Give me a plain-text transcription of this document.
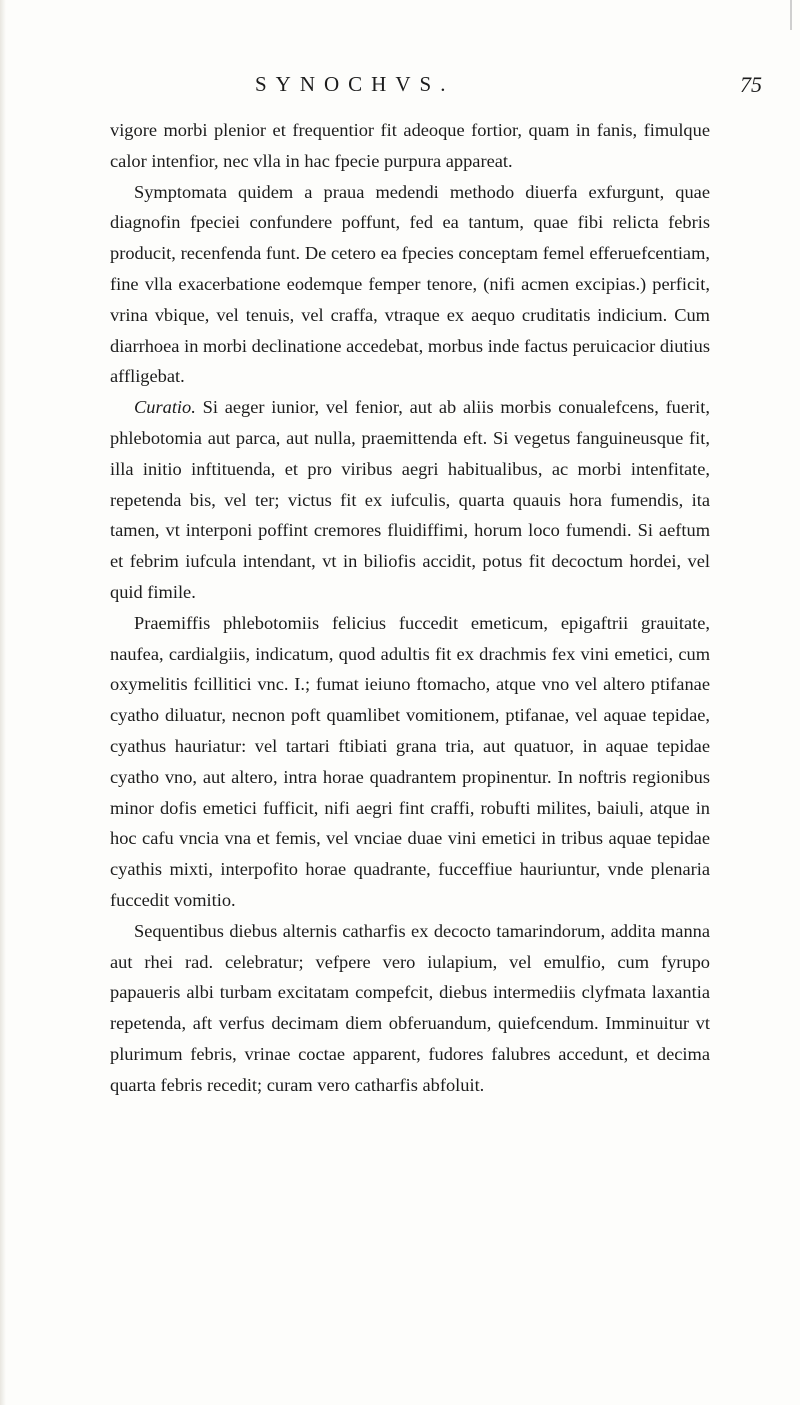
SYNOCHVS.	75

vigore morbi plenior et frequentior fit adeoque fortior, quam in fanis, fimulque calor intenfior, nec vlla in hac fpecie purpura appareat.

Symptomata quidem a praua medendi methodo diuerfa exfurgunt, quae diagnofin fpeciei confundere poffunt, fed ea tantum, quae fibi relicta febris producit, recenfenda funt. De cetero ea fpecies conceptam femel efferuefcentiam, fine vlla exacerbatione eodemque femper tenore, (nifi acmen excipias.) perficit, vrina vbique, vel tenuis, vel craffa, vtraque ex aequo cruditatis indicium. Cum diarrhoea in morbi declinatione accedebat, morbus inde factus peruicacior diutius affligebat.

Curatio. Si aeger iunior, vel fenior, aut ab aliis morbis conualefcens, fuerit, phlebotomia aut parca, aut nulla, praemittenda eft. Si vegetus fanguineusque fit, illa initio inftituenda, et pro viribus aegri habitualibus, ac morbi intenfitate, repetenda bis, vel ter; victus fit ex iufculis, quarta quauis hora fumendis, ita tamen, vt interponi poffint cremores fluidiffimi, horum loco fumendi. Si aeftum et febrim iufcula intendant, vt in biliofis accidit, potus fit decoctum hordei, vel quid fimile.

Praemiffis phlebotomiis felicius fuccedit emeticum, epigaftrii grauitate, naufea, cardialgiis, indicatum, quod adultis fit ex drachmis fex vini emetici, cum oxymelitis fcillitici vnc. I.; fumat ieiuno ftomacho, atque vno vel altero ptifanae cyatho diluatur, necnon poft quamlibet vomitionem, ptifanae, vel aquae tepidae, cyathus hauriatur: vel tartari ftibiati grana tria, aut quatuor, in aquae tepidae cyatho vno, aut altero, intra horae quadrantem propinentur. In noftris regionibus minor dofis emetici fufficit, nifi aegri fint craffi, robufti milites, baiuli, atque in hoc cafu vncia vna et femis, vel vnciae duae vini emetici in tribus aquae tepidae cyathis mixti, interpofito horae quadrante, fucceffiue hauriuntur, vnde plenaria fuccedit vomitio.

Sequentibus diebus alternis catharfis ex decocto tamarindorum, addita manna aut rhei rad. celebratur; vefpere vero iulapium, vel emulfio, cum fyrupo papaueris albi turbam excitatam compefcit, diebus intermediis clyfmata laxantia repetenda, aft verfus decimam diem obferuandum, quiefcendum. Imminuitur vt plurimum febris, vrinae coctae apparent, fudores falubres accedunt, et decima quarta febris recedit; curam vero catharfis abfoluit.
